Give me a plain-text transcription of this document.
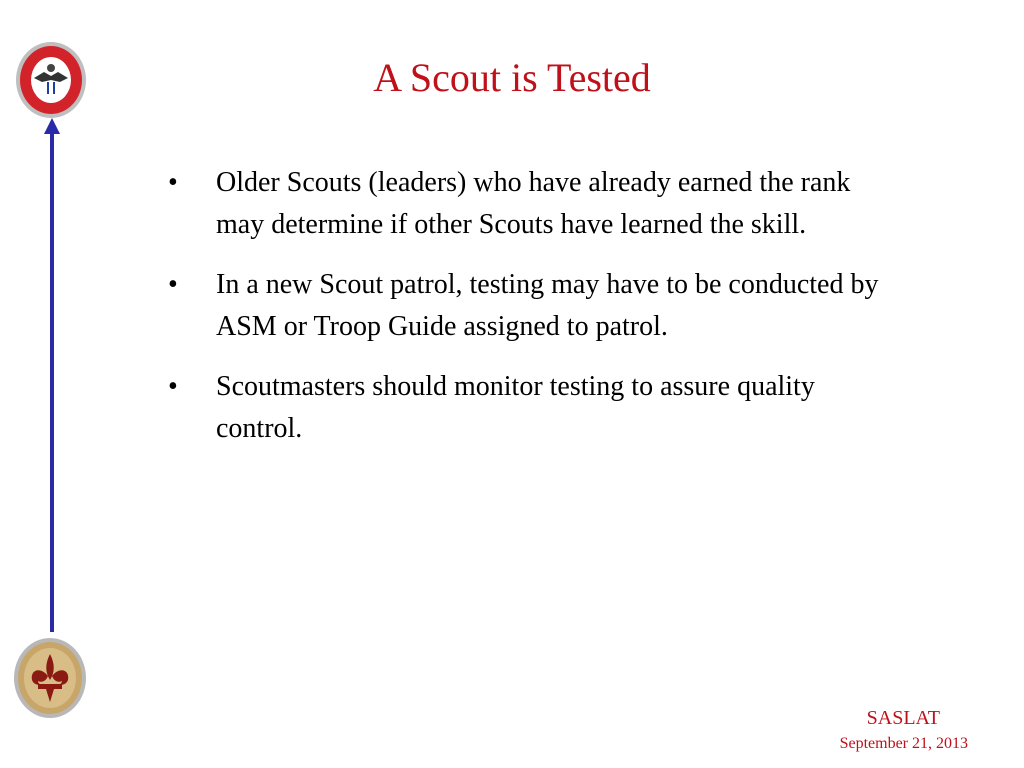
A Scout is Tested
•	Older Scouts (leaders) who have already earned the rank may determine if other Scouts have learned the skill.
•	In a new Scout patrol, testing may have to be conducted by ASM or Troop Guide assigned to patrol.
•	Scoutmasters should monitor testing to assure quality control.
SASLAT
September 21, 2013
